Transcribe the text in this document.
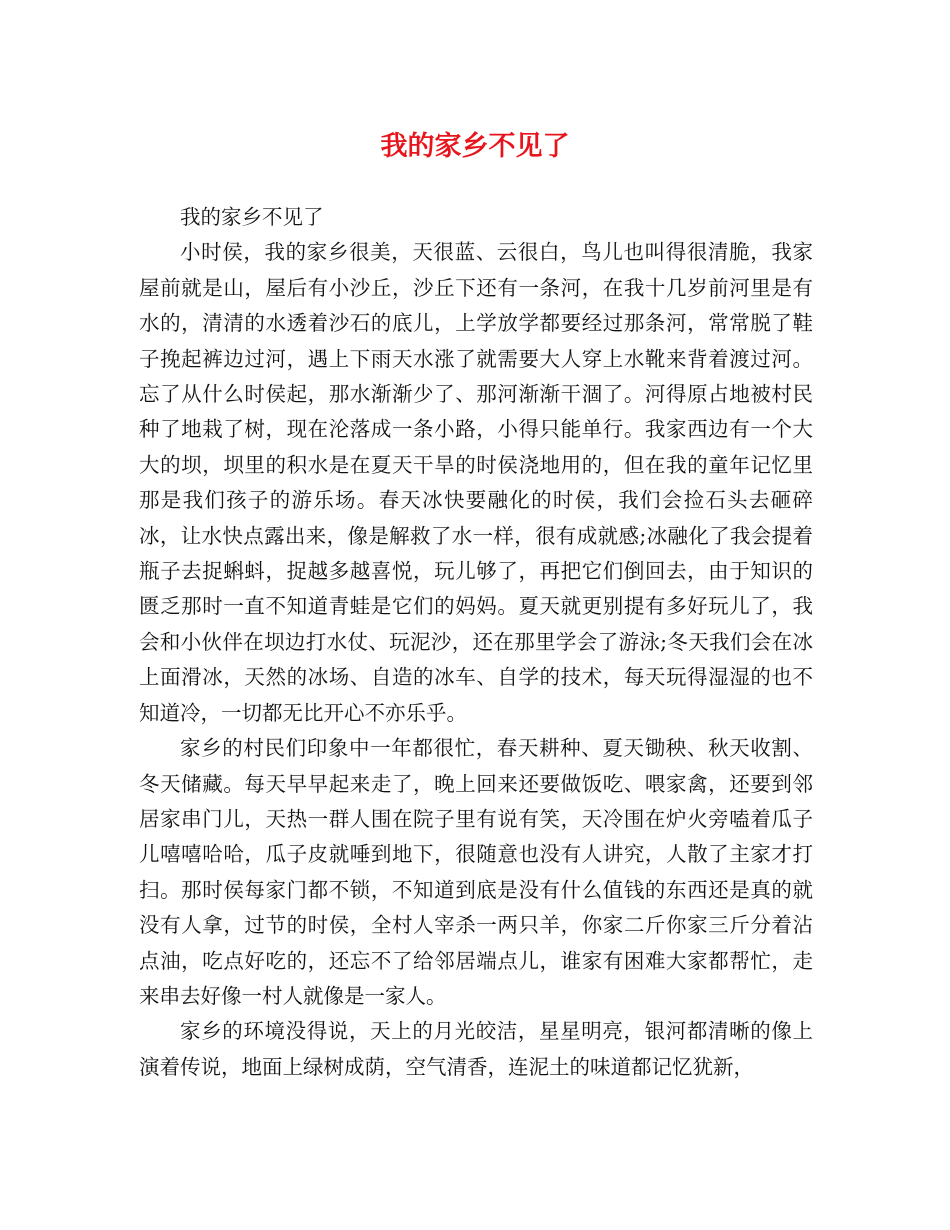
我的家乡不见了

我的家乡不见了

小时侯，我的家乡很美，天很蓝、云很白，鸟儿也叫得很清脆，我家屋前就是山，屋后有小沙丘，沙丘下还有一条河，在我十几岁前河里是有水的，清清的水透着沙石的底儿，上学放学都要经过那条河，常常脱了鞋子挽起裤边过河，遇上下雨天水涨了就需要大人穿上水靴来背着渡过河。忘了从什么时侯起，那水渐渐少了、那河渐渐干涸了。河得原占地被村民种了地栽了树，现在沦落成一条小路，小得只能单行。我家西边有一个大大的坝，坝里的积水是在夏天干旱的时侯浇地用的，但在我的童年记忆里那是我们孩子的游乐场。春天冰快要融化的时侯，我们会捡石头去砸碎冰，让水快点露出来，像是解救了水一样，很有成就感;冰融化了我会提着瓶子去捉蝌蚪，捉越多越喜悦，玩儿够了，再把它们倒回去，由于知识的匮乏那时一直不知道青蛙是它们的妈妈。夏天就更别提有多好玩儿了，我会和小伙伴在坝边打水仗、玩泥沙，还在那里学会了游泳;冬天我们会在冰上面滑冰，天然的冰场、自造的冰车、自学的技术，每天玩得湿湿的也不知道冷，一切都无比开心不亦乐乎。

家乡的村民们印象中一年都很忙，春天耕种、夏天锄秧、秋天收割、冬天储藏。每天早早起来走了，晚上回来还要做饭吃、喂家禽，还要到邻居家串门儿，天热一群人围在院子里有说有笑，天冷围在炉火旁嗑着瓜子儿嘻嘻哈哈，瓜子皮就唾到地下，很随意也没有人讲究，人散了主家才打扫。那时侯每家门都不锁，不知道到底是没有什么值钱的东西还是真的就没有人拿，过节的时侯，全村人宰杀一两只羊，你家二斤你家三斤分着沾点油，吃点好吃的，还忘不了给邻居端点儿，谁家有困难大家都帮忙，走来串去好像一村人就像是一家人。

家乡的环境没得说，天上的月光皎洁，星星明亮，银河都清晰的像上演着传说，地面上绿树成荫，空气清香，连泥土的味道都记忆犹新，
